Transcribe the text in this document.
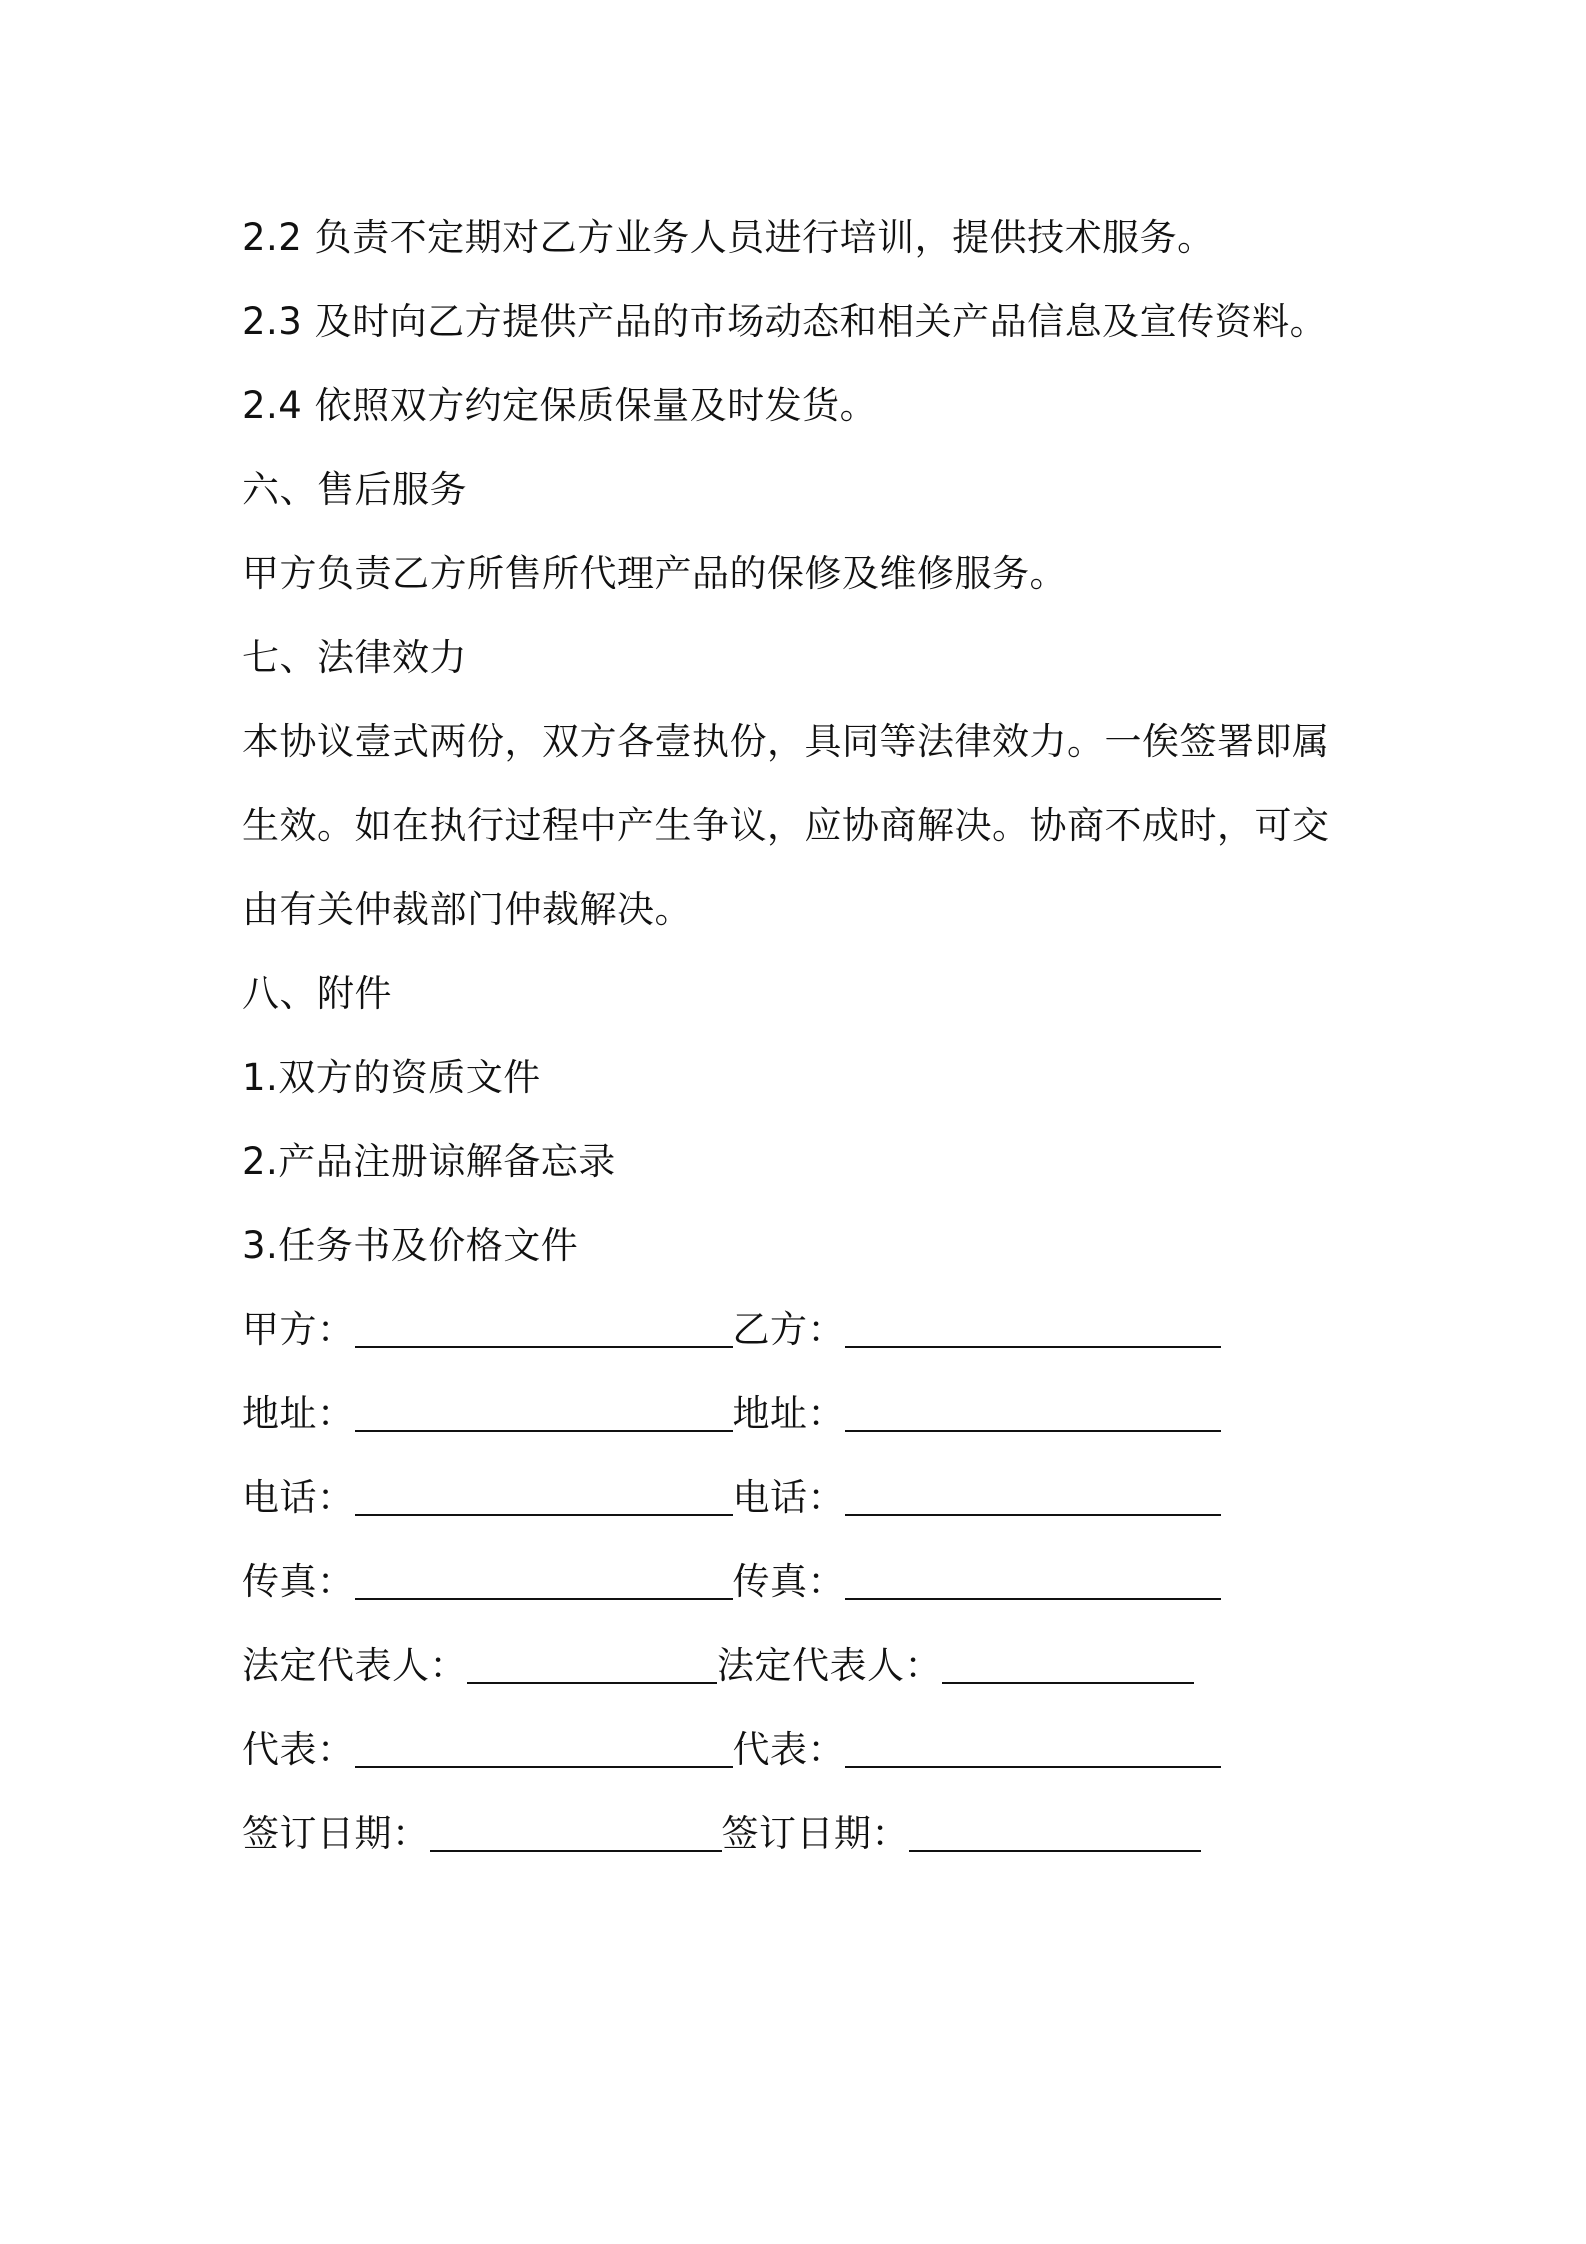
2.2 负责不定期对乙方业务人员进行培训，提供技术服务。
2.3 及时向乙方提供产品的市场动态和相关产品信息及宣传资料。
2.4 依照双方约定保质保量及时发货。
六、售后服务
甲方负责乙方所售所代理产品的保修及维修服务。
七、法律效力
本协议壹式两份，双方各壹执份，具同等法律效力。一俟签署即属生效。如在执行过程中产生争议，应协商解决。协商不成时，可交由有关仲裁部门仲裁解决。
八、附件
1.双方的资质文件
2.产品注册谅解备忘录
3.任务书及价格文件
甲方：	乙方：
地址：	地址：
电话：	电话：
传真：	传真：
法定代表人：	法定代表人：
代表：	代表：
签订日期：	签订日期：
